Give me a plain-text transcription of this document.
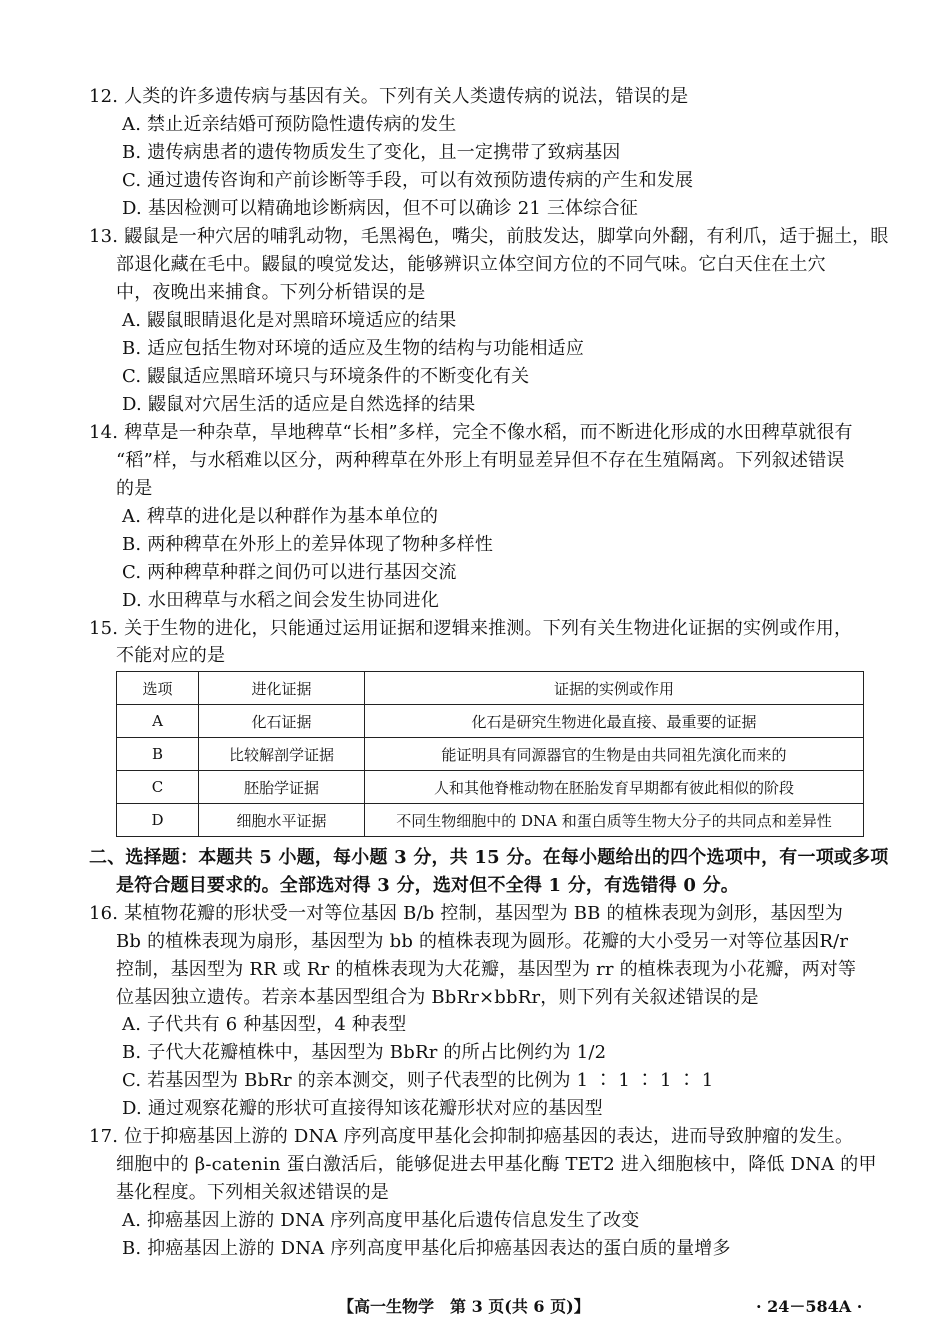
12. 人类的许多遗传病与基因有关。下列有关人类遗传病的说法，错误的是
A. 禁止近亲结婚可预防隐性遗传病的发生
B. 遗传病患者的遗传物质发生了变化，且一定携带了致病基因
C. 通过遗传咨询和产前诊断等手段，可以有效预防遗传病的产生和发展
D. 基因检测可以精确地诊断病因，但不可以确诊 21 三体综合征
13. 鼹鼠是一种穴居的哺乳动物，毛黑褐色，嘴尖，前肢发达，脚掌向外翻，有利爪，适于掘土，眼
部退化藏在毛中。鼹鼠的嗅觉发达，能够辨识立体空间方位的不同气味。它白天住在土穴
中，夜晚出来捕食。下列分析错误的是
A. 鼹鼠眼睛退化是对黑暗环境适应的结果
B. 适应包括生物对环境的适应及生物的结构与功能相适应
C. 鼹鼠适应黑暗环境只与环境条件的不断变化有关
D. 鼹鼠对穴居生活的适应是自然选择的结果
14. 稗草是一种杂草，旱地稗草“长相”多样，完全不像水稻，而不断进化形成的水田稗草就很有
“稻”样，与水稻难以区分，两种稗草在外形上有明显差异但不存在生殖隔离。下列叙述错误
的是
A. 稗草的进化是以种群作为基本单位的
B. 两种稗草在外形上的差异体现了物种多样性
C. 两种稗草种群之间仍可以进行基因交流
D. 水田稗草与水稻之间会发生协同进化
15. 关于生物的进化，只能通过运用证据和逻辑来推测。下列有关生物进化证据的实例或作用，
不能对应的是
选项	进化证据	证据的实例或作用
A	化石证据	化石是研究生物进化最直接、最重要的证据
B	比较解剖学证据	能证明具有同源器官的生物是由共同祖先演化而来的
C	胚胎学证据	人和其他脊椎动物在胚胎发育早期都有彼此相似的阶段
D	细胞水平证据	不同生物细胞中的 DNA 和蛋白质等生物大分子的共同点和差异性
二、选择题：本题共 5 小题，每小题 3 分，共 15 分。在每小题给出的四个选项中，有一项或多项
是符合题目要求的。全部选对得 3 分，选对但不全得 1 分，有选错得 0 分。
16. 某植物花瓣的形状受一对等位基因 B/b 控制，基因型为 BB 的植株表现为剑形，基因型为
Bb 的植株表现为扇形，基因型为 bb 的植株表现为圆形。花瓣的大小受另一对等位基因R/r
控制，基因型为 RR 或 Rr 的植株表现为大花瓣，基因型为 rr 的植株表现为小花瓣，两对等
位基因独立遗传。若亲本基因型组合为 BbRr×bbRr，则下列有关叙述错误的是
A. 子代共有 6 种基因型，4 种表型
B. 子代大花瓣植株中，基因型为 BbRr 的所占比例约为 1/2
C. 若基因型为 BbRr 的亲本测交，则子代表型的比例为 1 ∶ 1 ∶ 1 ∶ 1
D. 通过观察花瓣的形状可直接得知该花瓣形状对应的基因型
17. 位于抑癌基因上游的 DNA 序列高度甲基化会抑制抑癌基因的表达，进而导致肿瘤的发生。
细胞中的 β-catenin 蛋白激活后，能够促进去甲基化酶 TET2 进入细胞核中，降低 DNA 的甲
基化程度。下列相关叙述错误的是
A. 抑癌基因上游的 DNA 序列高度甲基化后遗传信息发生了改变
B. 抑癌基因上游的 DNA 序列高度甲基化后抑癌基因表达的蛋白质的量增多
【高一生物学　第 3 页(共 6 页)】	· 24－584A ·
